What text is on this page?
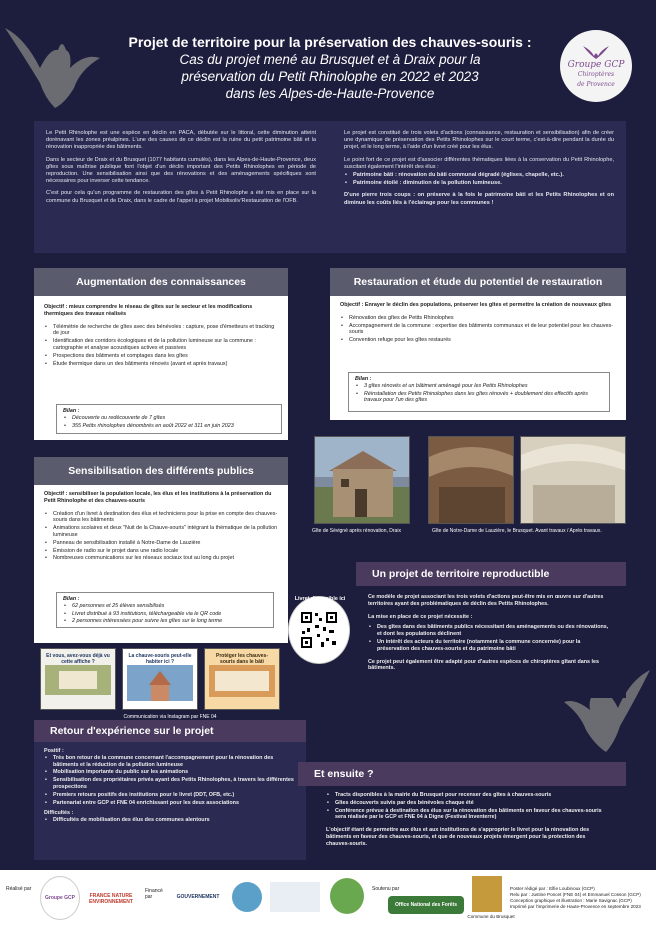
Projet de territoire pour la préservation des chauves-souris :
Cas du projet mené au Brusquet et à Draix pour la
préservation du Petit Rhinolophe en 2022 et 2023
dans les Alpes-de-Haute-Provence
Groupe GCP
Chiroptères
de Provence

Le Petit Rhinolophe est une espèce en déclin en PACA, débutée sur le littoral, cette diminution atteint dorénavant les zones préalpines. L'une des causes de ce déclin est la ruine du petit patrimoine bâti et la rénovation inappropriée des bâtiments.

Dans le secteur de Draix et du Brusquet (1077 habitants cumulés), dans les Alpes-de-Haute-Provence, deux gîtes sous maîtrise publique font l'objet d'un déclin important des Petits Rhinolophes en période de reproduction. Une sensibilisation ainsi que des rénovations et des aménagements spécifiques sont nécessaires pour inverser cette tendance.

C'est pour cela qu'un programme de restauration des gîtes à Petit Rhinolophe a été mis en place sur la commune du Brusquet et de Draix, dans le cadre de l'appel à projet Mobilisoliv'Restauration de l'OFB.

Le projet est constitué de trois volets d'actions (connaissance, restauration et sensibilisation) afin de créer une dynamique de préservation des Petits Rhinolophes sur le court terme, c'est-à-dire pendant la durée du projet, et le long terme, à l'aide d'un livret créé pour les élus.

Le point fort de ce projet est d'associer différentes thématiques liées à la conservation du Petit Rhinolophe, suscitant également l'intérêt des élus :

• Patrimoine bâti : rénovation du bâti communal dégradé (églises, chapelle, etc.).
• Patrimoine étoilé : diminution de la pollution lumineuse.

D'une pierre trois coups : on préserve à la fois le patrimoine bâti et les Petits Rhinolophes et on diminue les coûts liés à l'éclairage pour les communes !

Augmentation des connaissances

Objectif : mieux comprendre le réseau de gîtes sur le secteur et les modifications thermiques des travaux réalisés

• Télémétrie de recherche de gîtes avec des bénévoles : capture, pose d'émetteurs et tracking de jour
• Identification des corridors écologiques et de la pollution lumineuse sur la commune : cartographie et analyse acoustiques actives et passives
• Prospections des bâtiments et comptages dans les gîtes
• Étude thermique dans un des bâtiments rénovés (avant et après travaux)
Bilan :
• Découverte ou redécouverte de 7 gîtes
• 355 Petits rhinolophes dénombrés en août 2022 et 311 en juin 2023
Restauration et étude du potentiel de restauration

Objectif : Enrayer le déclin des populations, préserver les gîtes et permettre la création de nouveaux gîtes

• Rénovation des gîtes de Petits Rhinolophes
• Accompagnement de la commune : expertise des bâtiments communaux et de leur potentiel pour les chauves-souris
• Convention refuge pour les gîtes restaurés
Bilan :
• 3 gîtes rénovés et un bâtiment aménagé pour les Petits Rhinolophes
• Réinstallation des Petits Rhinolophes dans les gîtes rénovés + doublement des effectifs après travaux pour l'un des gîtes
Gîte de Sévigné après rénovation, Draix	Gîte de Notre-Dame de Lauzière, le Brusquet. Avant travaux / Après travaux.
Sensibilisation des différents publics

Objectif : sensibiliser la population locale, les élus et les institutions à la préservation du Petit Rhinolophe et des chauves-souris

• Création d'un livret à destination des élus et techniciens pour la prise en compte des chauves-souris dans les bâtiments
• Animations scolaires et deux "Nuit de la Chauve-souris" intégrant la thématique de la pollution lumineuse
• Panneau de sensibilisation installé à Notre-Dame de Lauzière
• Émission de radio sur le projet dans une radio locale
• Nombreuses communications sur les réseaux sociaux tout au long du projet
Bilan :
• 62 personnes et 25 élèves sensibilisés
• Livret distribué à 93 institutions, téléchargeable via le QR code
• 2 personnes intéressées pour suivre les gîtes sur le long terme
Livret disponible ici
Et vous, avez-vous déjà vu cette affiche ?
La chauve-souris peut-elle habiter ici ?
Protéger les chauves-souris dans le bâti
Communication via Instagram par FNE 04
Un projet de territoire reproductible

Ce modèle de projet associant les trois volets d'actions peut-être mis en œuvre sur d'autres territoires ayant des problématiques de déclin des Petits Rhinolophes.

La mise en place de ce projet nécessite :

• Des gîtes dans des bâtiments publics nécessitant des aménagements ou des rénovations, et dont les populations déclinent
• Un intérêt des acteurs du territoire (notamment la commune concernée) pour la préservation des chauves-souris et du patrimoine bâti

Ce projet peut également être adapté pour d'autres espèces de chiroptères gîtant dans les bâtiments.

Retour d'expérience sur le projet
Positif :
• Très bon retour de la commune concernant l'accompagnement pour la rénovation des bâtiments et la réduction de la pollution lumineuse
• Mobilisation importante du public sur les animations
• Sensibilisation des propriétaires privés ayant des Petits Rhinolophes, à travers les différentes prospections
• Premiers retours positifs des institutions pour le livret (DDT, OFB, etc.)
• Partenariat entre GCP et FNE 04 enrichissant pour les deux associations
Difficultés :
• Difficultés de mobilisation des élus des communes alentours
Et ensuite ?
• Tracts disponibles à la mairie du Brusquet pour recenser des gîtes à chauves-souris
• Gîtes découverts suivis par des bénévoles chaque été
• Conférence prévue à destination des élus sur la rénovation des bâtiments en faveur des chauves-souris sera réalisée par le GCP et FNE 04 à Digne (Festival Inventerre)

L'objectif étant de permettre aux élus et aux institutions de s'approprier le livret pour la rénovation des bâtiments en faveur des chauves-souris, et que de nouveaux projets émergent pour la protection des chauves-souris.

Réalisé par
Groupe GCP	FRANCE NATURE ENVIRONNEMENT
Financé par	GOUVERNEMENT
Soutenu par
Office National des Forêts
Commune du Brusquet
Poster rédigé par : Elfie Loubinoux (GCP)
Relu par : Justine Poncet (FNE 04) et Emmanuel Cosson (GCP)
Conception graphique et illustration : Marie Savignac (GCP)
Imprimé par l'imprimerie de Haute-Provence en septembre 2023
